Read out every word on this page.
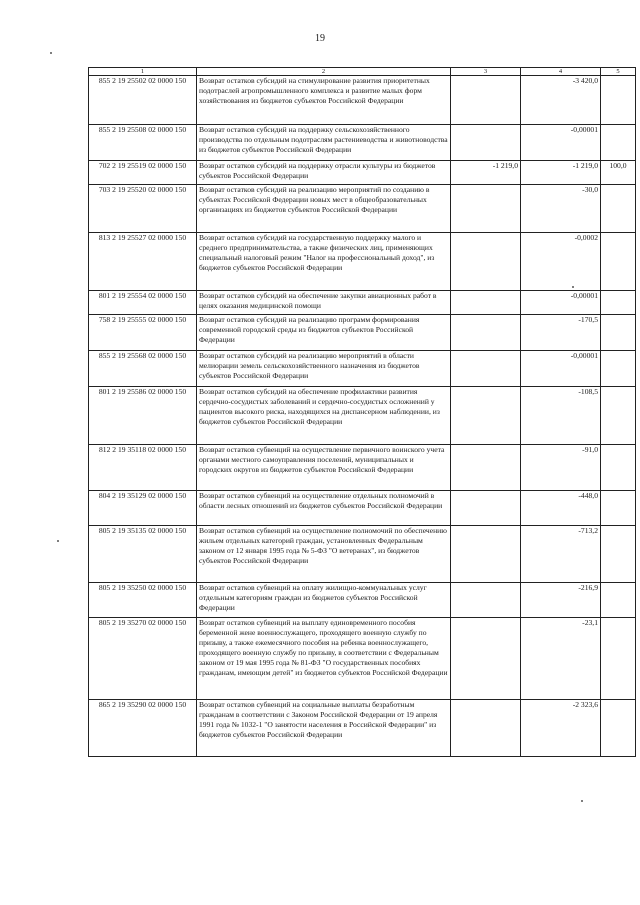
19
1	2	3	4	5
855 2 19 25502 02 0000 150	Возврат остатков субсидий на стимулирование развития приоритетных подотраслей агропромышленного комплекса и развитие малых форм хозяйствования из бюджетов субъектов Российской Федерации		-3 420,0	
855 2 19 25508 02 0000 150	Возврат остатков субсидий на поддержку сельскохозяйственного производства по отдельным подотраслям растениеводства и животноводства из бюджетов субъектов Российской Федерации		-0,00001	
702 2 19 25519 02 0000 150	Возврат остатков субсидий на поддержку отрасли культуры из бюджетов субъектов Российской Федерации	-1 219,0	-1 219,0	100,0
703 2 19 25520 02 0000 150	Возврат остатков субсидий на реализацию мероприятий по созданию в субъектах Российской Федерации новых мест в общеобразовательных организациях из бюджетов субъектов Российской Федерации		-30,0	
813 2 19 25527 02 0000 150	Возврат остатков субсидий на государственную поддержку малого и среднего предпринимательства, а также физических лиц, применяющих специальный налоговый режим "Налог на профессиональный доход", из бюджетов субъектов Российской Федерации		-0,0002	
801 2 19 25554 02 0000 150	Возврат остатков субсидий на обеспечение закупки авиационных работ в целях оказания медицинской помощи		-0,00001	
758 2 19 25555 02 0000 150	Возврат остатков субсидий на реализацию программ формирования современной городской среды из бюджетов субъектов Российской Федерации		-170,5	
855 2 19 25568 02 0000 150	Возврат остатков субсидий на реализацию мероприятий в области мелиорации земель сельскохозяйственного назначения из бюджетов субъектов Российской Федерации		-0,00001	
801 2 19 25586 02 0000 150	Возврат остатков субсидий на обеспечение профилактики развития сердечно-сосудистых заболеваний и сердечно-сосудистых осложнений у пациентов высокого риска, находящихся на диспансерном наблюдении, из бюджетов субъектов Российской Федерации		-108,5	
812 2 19 35118 02 0000 150	Возврат остатков субвенций на осуществление первичного воинского учета органами местного самоуправления поселений, муниципальных и городских округов из бюджетов субъектов Российской Федерации		-91,0	
804 2 19 35129 02 0000 150	Возврат остатков субвенций на осуществление отдельных полномочий в области лесных отношений из бюджетов субъектов Российской Федерации		-448,0	
805 2 19 35135 02 0000 150	Возврат остатков субвенций на осуществление полномочий по обеспечению жильем отдельных категорий граждан, установленных Федеральным законом от 12 января 1995 года № 5-ФЗ "О ветеранах", из бюджетов субъектов Российской Федерации		-713,2	
805 2 19 35250 02 0000 150	Возврат остатков субвенций на оплату жилищно-коммунальных услуг отдельным категориям граждан из бюджетов субъектов Российской Федерации		-216,9	
805 2 19 35270 02 0000 150	Возврат остатков субвенций на выплату единовременного пособия беременной жене военнослужащего, проходящего военную службу по призыву, а также ежемесячного пособия на ребенка военнослужащего, проходящего военную службу по призыву, в соответствии с Федеральным законом от 19 мая 1995 года № 81-ФЗ "О государственных пособиях гражданам, имеющим детей" из бюджетов субъектов Российской Федерации		-23,1	
865 2 19 35290 02 0000 150	Возврат остатков субвенций на социальные выплаты безработным гражданам в соответствии с Законом Российской Федерации от 19 апреля 1991 года № 1032-1 "О занятости населения в Российской Федерации" из бюджетов субъектов Российской Федерации		-2 323,6	
